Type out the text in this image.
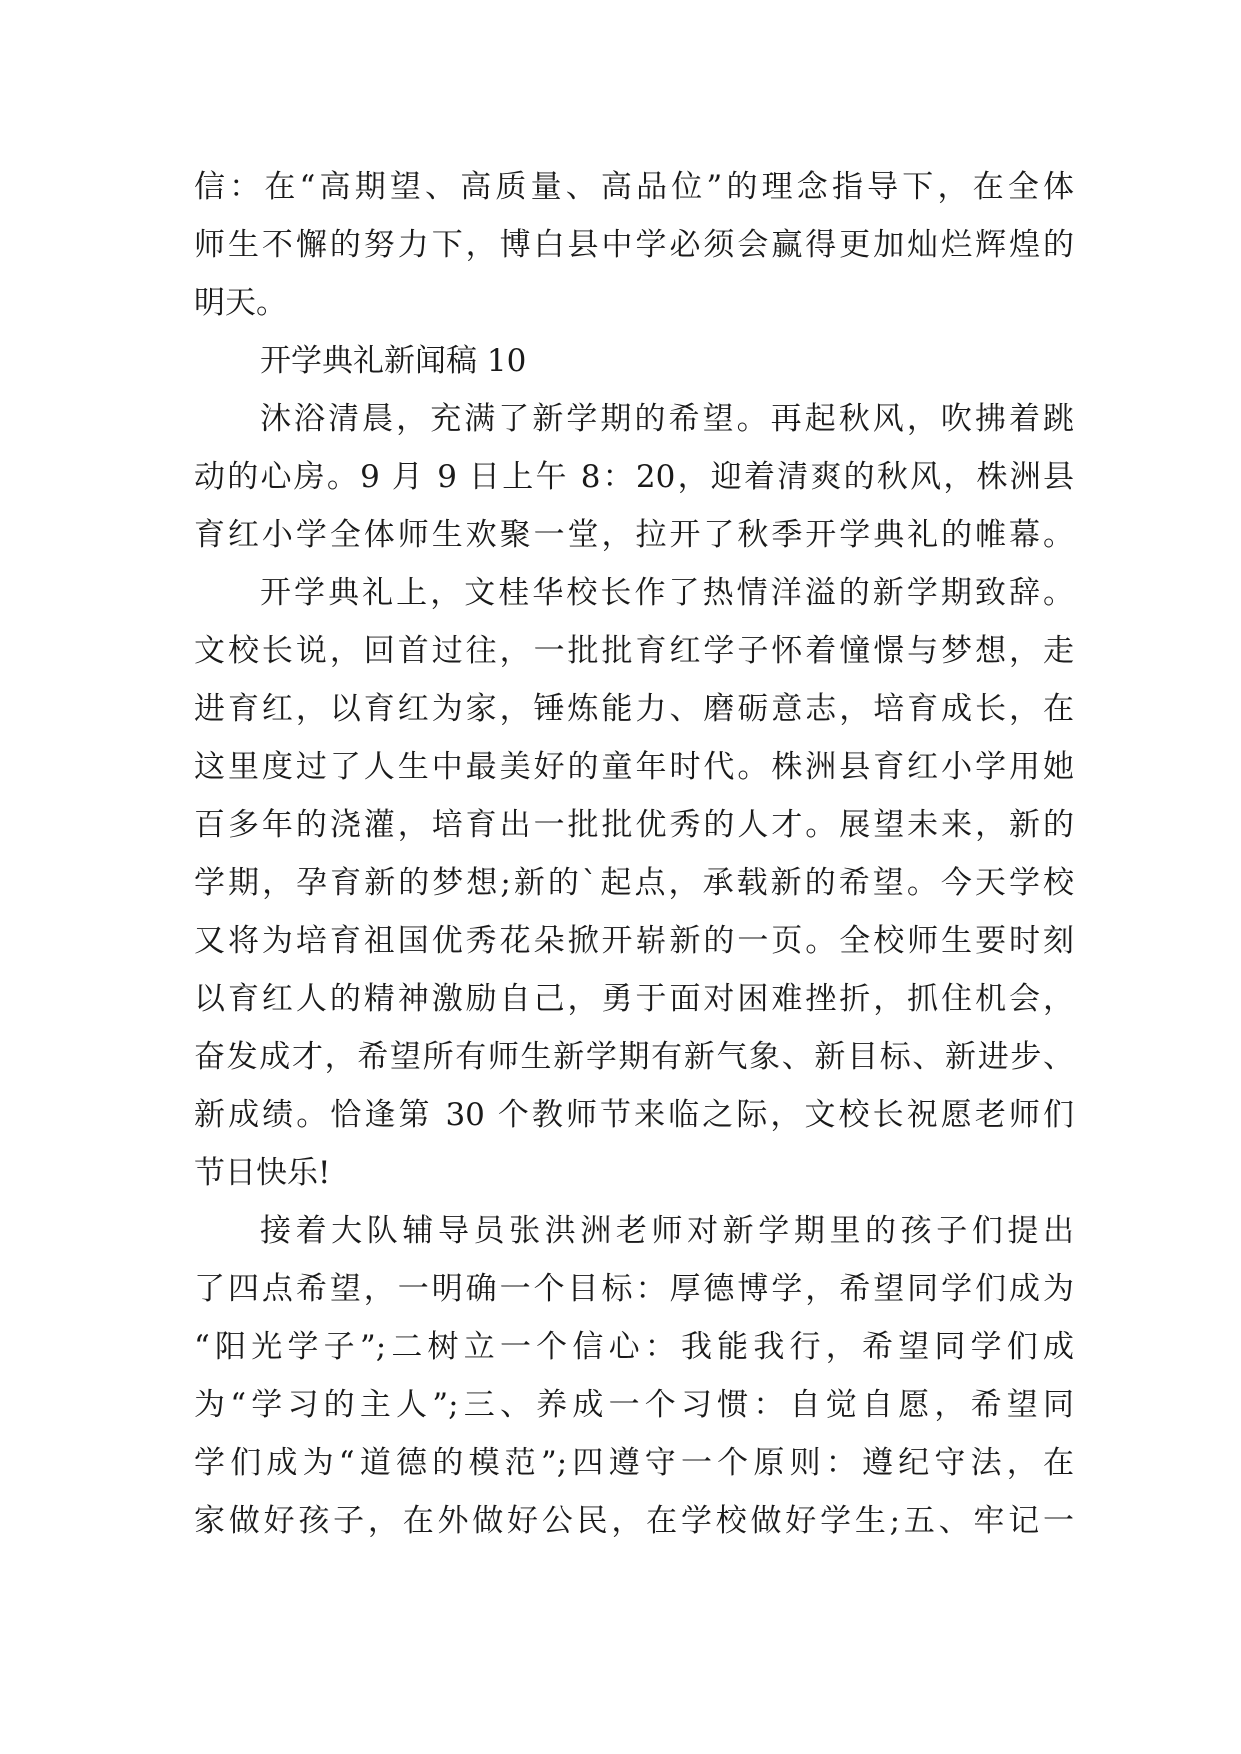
信：在“高期望、高质量、高品位”的理念指导下，在全体
师生不懈的努力下，博白县中学必须会赢得更加灿烂辉煌的
明天。
开学典礼新闻稿 10
沐浴清晨，充满了新学期的希望。再起秋风，吹拂着跳
动的心房。9 月 9 日上午 8：20，迎着清爽的秋风，株洲县
育红小学全体师生欢聚一堂，拉开了秋季开学典礼的帷幕。
开学典礼上，文桂华校长作了热情洋溢的新学期致辞。
文校长说，回首过往，一批批育红学子怀着憧憬与梦想，走
进育红，以育红为家，锤炼能力、磨砺意志，培育成长，在
这里度过了人生中最美好的童年时代。株洲县育红小学用她
百多年的浇灌，培育出一批批优秀的人才。展望未来，新的
学期，孕育新的梦想;新的`起点，承载新的希望。今天学校
又将为培育祖国优秀花朵掀开崭新的一页。全校师生要时刻
以育红人的精神激励自己，勇于面对困难挫折，抓住机会，
奋发成才，希望所有师生新学期有新气象、新目标、新进步、
新成绩。恰逢第 30 个教师节来临之际，文校长祝愿老师们
节日快乐!
接着大队辅导员张洪洲老师对新学期里的孩子们提出
了四点希望，一明确一个目标：厚德博学，希望同学们成为
“阳光学子”;二树立一个信心：我能我行，希望同学们成
为“学习的主人”;三、养成一个习惯：自觉自愿，希望同
学们成为“道德的模范”;四遵守一个原则：遵纪守法，在
家做好孩子，在外做好公民，在学校做好学生;五、牢记一
